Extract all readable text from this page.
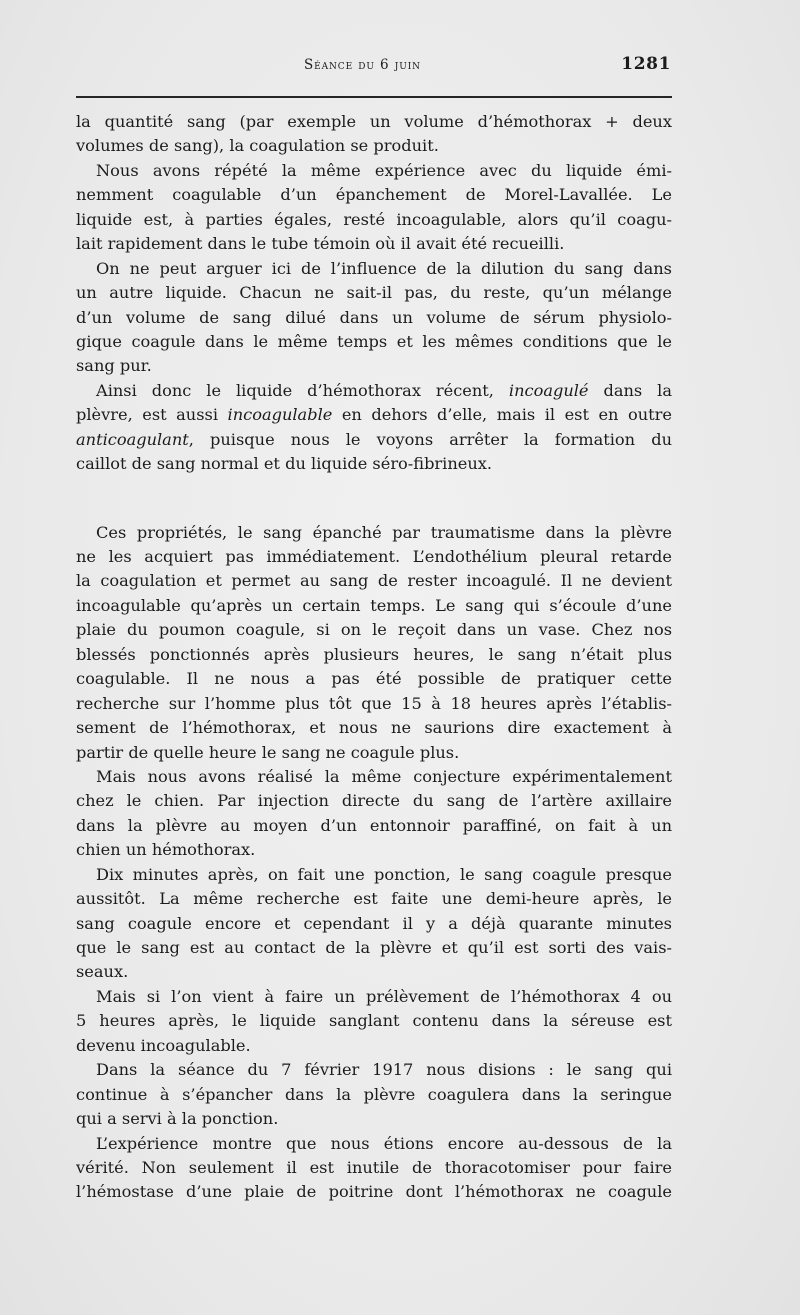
Séance du 6 juin	1281
la quantité sang (par exemple un volume d’hémothorax + deux
volumes de sang), la coagulation se produit.
Nous avons répété la même expérience avec du liquide émi-
nemment coagulable d’un épanchement de Morel-Lavallée. Le
liquide est, à parties égales, resté incoagulable, alors qu’il coagu-
lait rapidement dans le tube témoin où il avait été recueilli.
On ne peut arguer ici de l’influence de la dilution du sang dans
un autre liquide. Chacun ne sait-il pas, du reste, qu’un mélange
d’un volume de sang dilué dans un volume de sérum physiolo-
gique coagule dans le même temps et les mêmes conditions que le
sang pur.
Ainsi donc le liquide d’hémothorax récent, incoagulé dans la
plèvre, est aussi incoagulable en dehors d’elle, mais il est en outre
anticoagulant, puisque nous le voyons arrêter la formation du
caillot de sang normal et du liquide séro-fibrineux.
Ces propriétés, le sang épanché par traumatisme dans la plèvre
ne les acquiert pas immédiatement. L’endothélium pleural retarde
la coagulation et permet au sang de rester incoagulé. Il ne devient
incoagulable qu’après un certain temps. Le sang qui s’écoule d’une
plaie du poumon coagule, si on le reçoit dans un vase. Chez nos
blessés ponctionnés après plusieurs heures, le sang n’était plus
coagulable. Il ne nous a pas été possible de pratiquer cette
recherche sur l’homme plus tôt que 15 à 18 heures après l’établis-
sement de l’hémothorax, et nous ne saurions dire exactement à
partir de quelle heure le sang ne coagule plus.
Mais nous avons réalisé la même conjecture expérimentalement
chez le chien. Par injection directe du sang de l’artère axillaire
dans la plèvre au moyen d’un entonnoir paraffiné, on fait à un
chien un hémothorax.
Dix minutes après, on fait une ponction, le sang coagule presque
aussitôt. La même recherche est faite une demi-heure après, le
sang coagule encore et cependant il y a déjà quarante minutes
que le sang est au contact de la plèvre et qu’il est sorti des vais-
seaux.
Mais si l’on vient à faire un prélèvement de l’hémothorax 4 ou
5 heures après, le liquide sanglant contenu dans la séreuse est
devenu incoagulable.
Dans la séance du 7 février 1917 nous disions : le sang qui
continue à s’épancher dans la plèvre coagulera dans la seringue
qui a servi à la ponction.
L’expérience montre que nous étions encore au-dessous de la
vérité. Non seulement il est inutile de thoracotomiser pour faire
l’hémostase d’une plaie de poitrine dont l’hémothorax ne coagule
